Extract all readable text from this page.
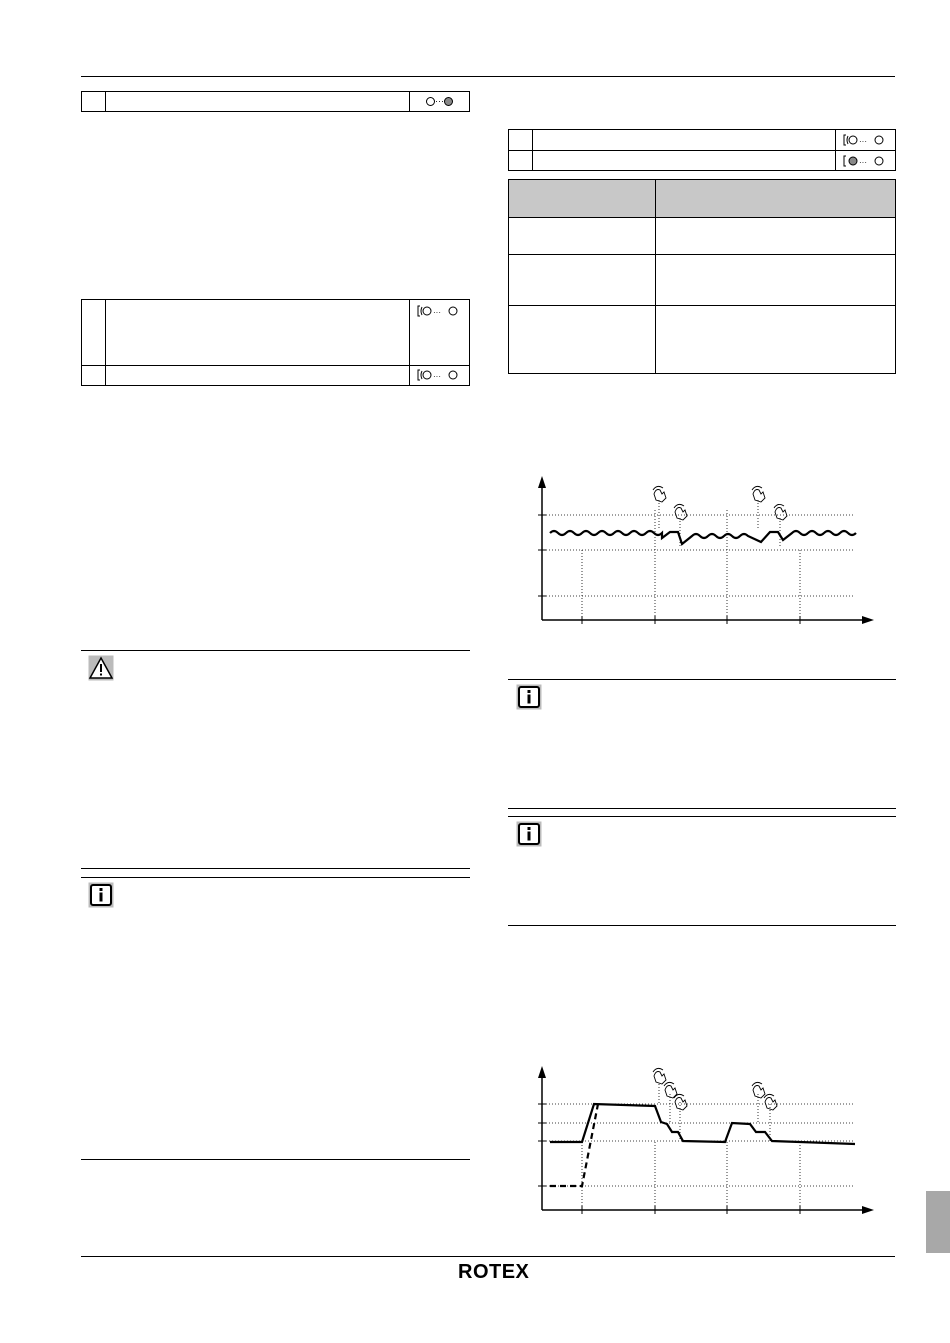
···
···
···
···
···
ROTEX
